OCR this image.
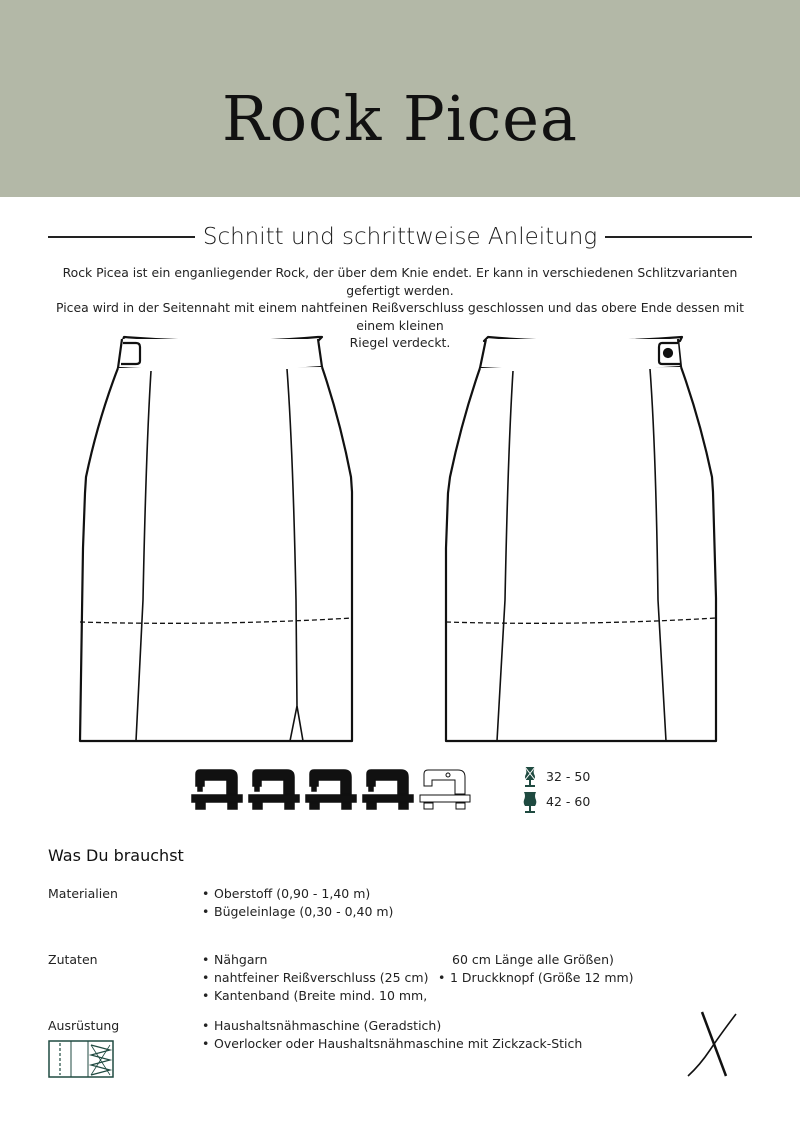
Rock Picea
Schnitt und schrittweise Anleitung

Rock Picea ist ein enganliegender Rock, der über dem Knie endet. Er kann in verschiedenen Schlitzvarianten gefertigt werden.

Picea wird in der Seitennaht mit einem nahtfeinen Reißverschluss geschlossen und das obere Ende dessen mit einem kleinen

Riegel verdeckt.

32 - 50
42 - 60
Was Du brauchst
Materialien	• Oberstoff (0,90 - 1,40 m)
• Bügeleinlage (0,30 - 0,40 m)
Zutaten	• Nähgarn
• nahtfeiner Reißverschluss (25 cm)
• Kantenband (Breite mind. 10 mm,
60 cm Länge alle Größen)
• 1 Druckknopf (Größe 12 mm)
Ausrüstung	• Haushaltsnähmaschine (Geradstich)
• Overlocker oder Haushaltsnähmaschine mit Zickzack-Stich
